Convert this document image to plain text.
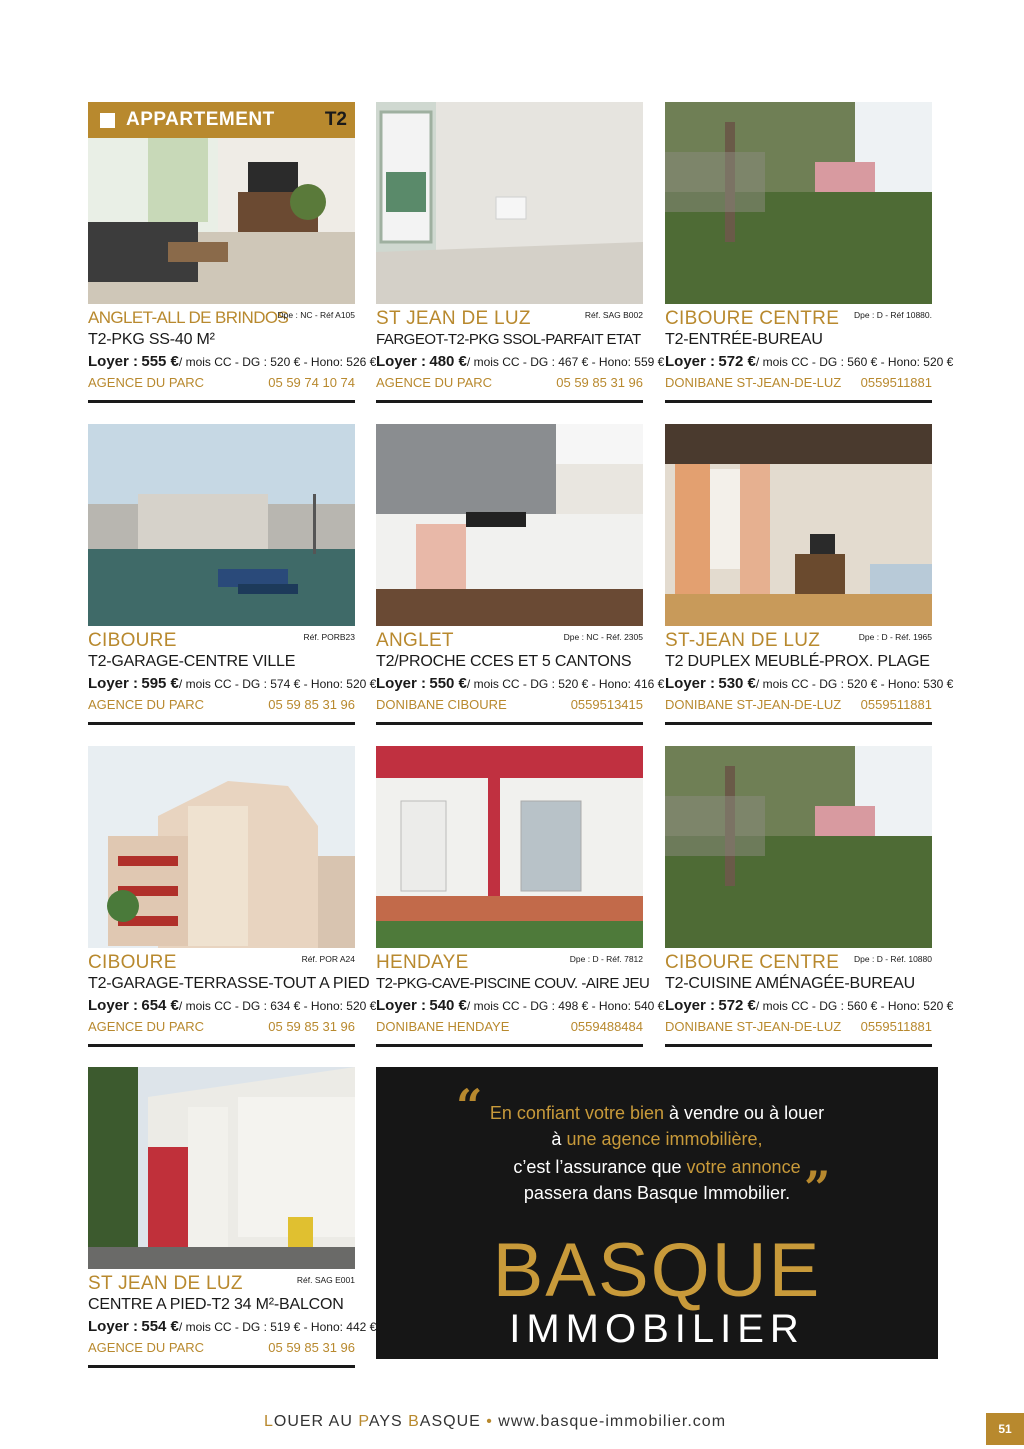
APPARTEMENT	T2
ANGLET-ALL DE BRINDOS
Dpe : NC - Réf A105
T2-PKG SS-40 M²
Loyer : 555 €/ mois CC - DG : 520 € - Hono: 526 €
AGENCE DU PARC	05 59 74 10 74
ST JEAN DE LUZ	Réf. SAG B002
FARGEOT-T2-PKG SSOL-PARFAIT ETAT
Loyer : 480 €/ mois CC - DG : 467 € - Hono: 559 €
AGENCE DU PARC	05 59 85 31 96
CIBOURE CENTRE Dpe : D - Réf 10880.
T2-ENTRÉE-BUREAU
Loyer : 572 €/ mois CC - DG : 560 € - Hono: 520 €
DONIBANE ST-JEAN-DE-LUZ 0559511881
CIBOURE	Réf. PORB23
T2-GARAGE-CENTRE VILLE
Loyer : 595 €/ mois CC - DG : 574 € - Hono: 520 €
AGENCE DU PARC	05 59 85 31 96
ANGLET	Dpe : NC - Réf. 2305
T2/PROCHE CCES ET 5 CANTONS
Loyer : 550 €/ mois CC - DG : 520 € - Hono: 416 €
DONIBANE CIBOURE	0559513415
ST-JEAN DE LUZ	Dpe : D - Réf. 1965
T2 DUPLEX MEUBLÉ-PROX. PLAGE
Loyer : 530 €/ mois CC - DG : 520 € - Hono: 530 €
DONIBANE ST-JEAN-DE-LUZ 0559511881
CIBOURE	Réf. POR A24
T2-GARAGE-TERRASSE-TOUT A PIED
Loyer : 654 €/ mois CC - DG : 634 € - Hono: 520 €
AGENCE DU PARC	05 59 85 31 96
HENDAYE	Dpe : D - Réf. 7812
T2-PKG-CAVE-PISCINE COUV. -AIRE JEU
Loyer : 540 €/ mois CC - DG : 498 € - Hono: 540 €
DONIBANE HENDAYE	0559488484
CIBOURE CENTRE Dpe : D - Réf. 10880
T2-CUISINE AMÉNAGÉE-BUREAU
Loyer : 572 €/ mois CC - DG : 560 € - Hono: 520 €
DONIBANE ST-JEAN-DE-LUZ 0559511881
ST JEAN DE LUZ	Réf. SAG E001
CENTRE A PIED-T2 34 M²-BALCON
Loyer : 554 €/ mois CC - DG : 519 € - Hono: 442 €
AGENCE DU PARC	05 59 85 31 96
“ En confiant votre bien à vendre ou à louer
à une agence immobilière,
c’est l’assurance que votre annonce
passera dans Basque Immobilier. ”
BASQUE
IMMOBILIER
LOUER AU PAYS BASQUE • www.basque-immobilier.com	51
